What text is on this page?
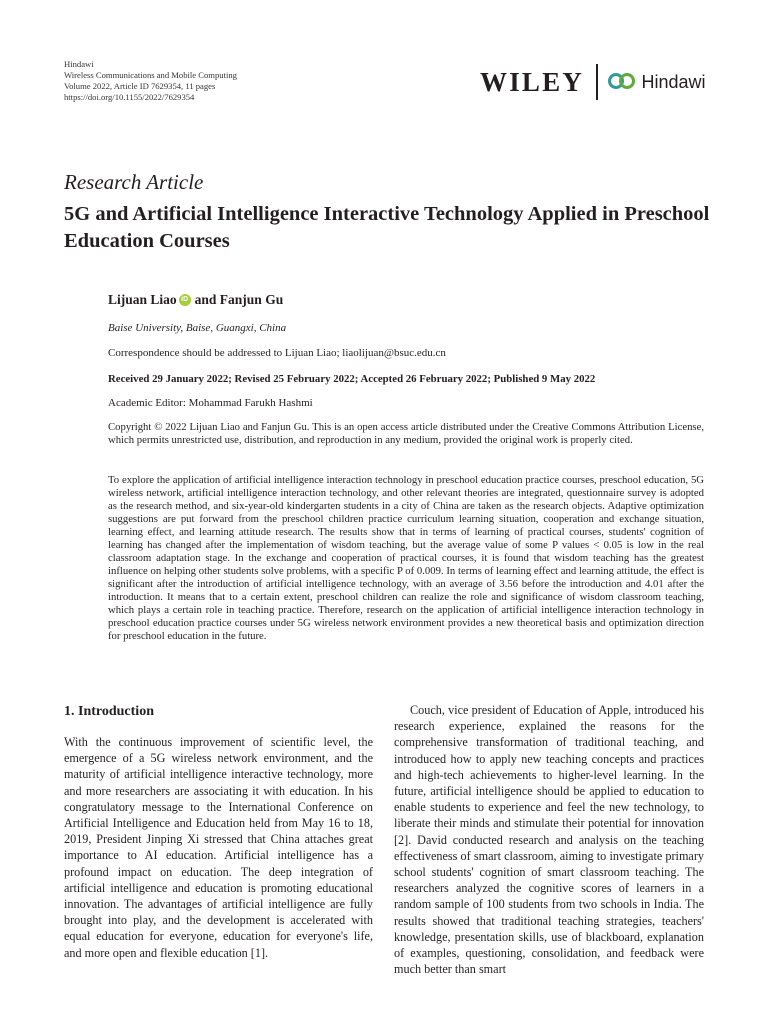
Hindawi
Wireless Communications and Mobile Computing
Volume 2022, Article ID 7629354, 11 pages
https://doi.org/10.1155/2022/7629354
WILEY	Hindawi
Research Article
5G and Artificial Intelligence Interactive Technology Applied in Preschool Education Courses
Lijuan Liao iD and Fanjun Gu
Baise University, Baise, Guangxi, China
Correspondence should be addressed to Lijuan Liao; liaolijuan@bsuc.edu.cn
Received 29 January 2022; Revised 25 February 2022; Accepted 26 February 2022; Published 9 May 2022
Academic Editor: Mohammad Farukh Hashmi
Copyright © 2022 Lijuan Liao and Fanjun Gu. This is an open access article distributed under the Creative Commons Attribution License, which permits unrestricted use, distribution, and reproduction in any medium, provided the original work is properly cited.
To explore the application of artificial intelligence interaction technology in preschool education practice courses, preschool education, 5G wireless network, artificial intelligence interaction technology, and other relevant theories are integrated, questionnaire survey is adopted as the research method, and six-year-old kindergarten students in a city of China are taken as the research objects. Adaptive optimization suggestions are put forward from the preschool children practice curriculum learning situation, cooperation and exchange situation, learning effect, and learning attitude research. The results show that in terms of learning of practical courses, students' cognition of learning has changed after the implementation of wisdom teaching, but the average value of some P values < 0.05 is low in the real classroom adaptation stage. In the exchange and cooperation of practical courses, it is found that wisdom teaching has the greatest influence on helping other students solve problems, with a specific P of 0.009. In terms of learning effect and learning attitude, the effect is significant after the introduction of artificial intelligence technology, with an average of 3.56 before the introduction and 4.01 after the introduction. It means that to a certain extent, preschool children can realize the role and significance of wisdom classroom teaching, which plays a certain role in teaching practice. Therefore, research on the application of artificial intelligence interaction technology in preschool education practice courses under 5G wireless network environment provides a new theoretical basis and optimization direction for preschool education in the future.
1. Introduction

With the continuous improvement of scientific level, the emergence of a 5G wireless network environment, and the maturity of artificial intelligence interactive technology, more and more researchers are associating it with education. In his congratulatory message to the International Conference on Artificial Intelligence and Education held from May 16 to 18, 2019, President Jinping Xi stressed that China attaches great importance to AI education. Artificial intelligence has a profound impact on education. The deep integration of artificial intelligence and education is promoting educational innovation. The advantages of artificial intelligence are fully brought into play, and the development is accelerated with equal education for everyone, education for everyone's life, and more open and flexible education [1].

Couch, vice president of Education of Apple, introduced his research experience, explained the reasons for the comprehensive transformation of traditional teaching, and introduced how to apply new teaching concepts and practices and high-tech achievements to higher-level learning. In the future, artificial intelligence should be applied to education to enable students to experience and feel the new technology, to liberate their minds and stimulate their potential for innovation [2]. David conducted research and analysis on the teaching effectiveness of smart classroom, aiming to investigate primary school students' cognition of smart classroom teaching. The researchers analyzed the cognitive scores of learners in a random sample of 100 students from two schools in India. The results showed that traditional teaching strategies, teachers' knowledge, presentation skills, use of blackboard, explanation of examples, questioning, consolidation, and feedback were much better than smart
